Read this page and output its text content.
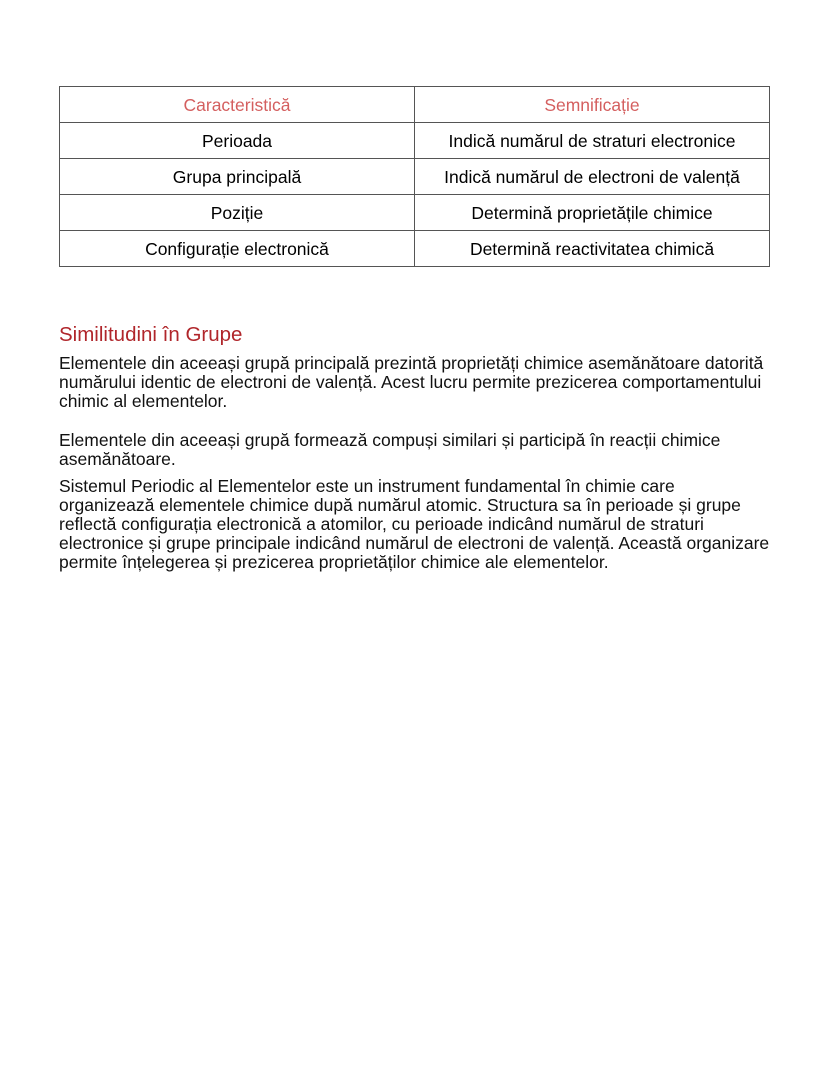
Caracteristică	Semnificație
Perioada	Indică numărul de straturi electronice
Grupa principală	Indică numărul de electroni de valență
Poziție	Determină proprietățile chimice
Configurație electronică	Determină reactivitatea chimică
Similitudini în Grupe

Elementele din aceeași grupă principală prezintă proprietăți chimice asemănătoare datorită numărului identic de electroni de valență. Acest lucru permite prezicerea comportamentului chimic al elementelor.

Elementele din aceeași grupă formează compuși similari și participă în reacții chimice asemănătoare.

Sistemul Periodic al Elementelor este un instrument fundamental în chimie care organizează elementele chimice după numărul atomic. Structura sa în perioade și grupe reflectă configurația electronică a atomilor, cu perioade indicând numărul de straturi electronice și grupe principale indicând numărul de electroni de valență. Această organizare permite înțelegerea și prezicerea proprietăților chimice ale elementelor.
